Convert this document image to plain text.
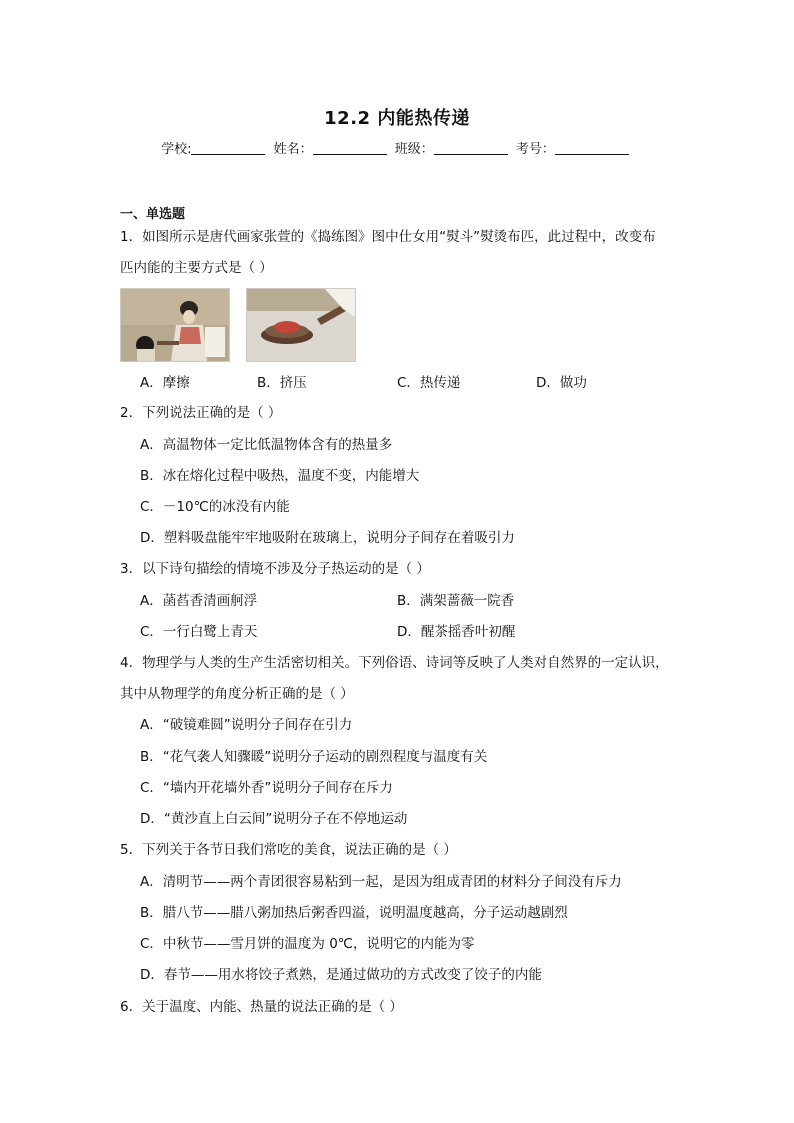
12.2 内能热传递
学校:	姓名：	班级：	考号：
一、单选题
1．如图所示是唐代画家张萱的《捣练图》图中仕女用“熨斗”熨烫布匹，此过程中，改变布
匹内能的主要方式是（ ）
A．摩擦	B．挤压	C．热传递	D．做功
2．下列说法正确的是（ ）
A．高温物体一定比低温物体含有的热量多
B．冰在熔化过程中吸热，温度不变，内能增大
C．－10℃的冰没有内能
D．塑料吸盘能牢牢地吸附在玻璃上，说明分子间存在着吸引力
3．以下诗句描绘的情境不涉及分子热运动的是（ ）
A．菡萏香清画舸浮	B．满架蔷薇一院香
C．一行白鹭上青天	D．醒茶摇香叶初醒
4．物理学与人类的生产生活密切相关。下列俗语、诗词等反映了人类对自然界的一定认识，
其中从物理学的角度分析正确的是（ ）
A．“破镜难圆”说明分子间存在引力
B．“花气袭人知骤暖”说明分子运动的剧烈程度与温度有关
C．“墙内开花墙外香”说明分子间存在斥力
D．“黄沙直上白云间”说明分子在不停地运动
5．下列关于各节日我们常吃的美食，说法正确的是（ ）
A．清明节——两个青团很容易粘到一起，是因为组成青团的材料分子间没有斥力
B．腊八节——腊八粥加热后粥香四溢，说明温度越高，分子运动越剧烈
C．中秋节——雪月饼的温度为 0℃，说明它的内能为零
D．春节——用水将饺子煮熟，是通过做功的方式改变了饺子的内能
6．关于温度、内能、热量的说法正确的是（ ）
